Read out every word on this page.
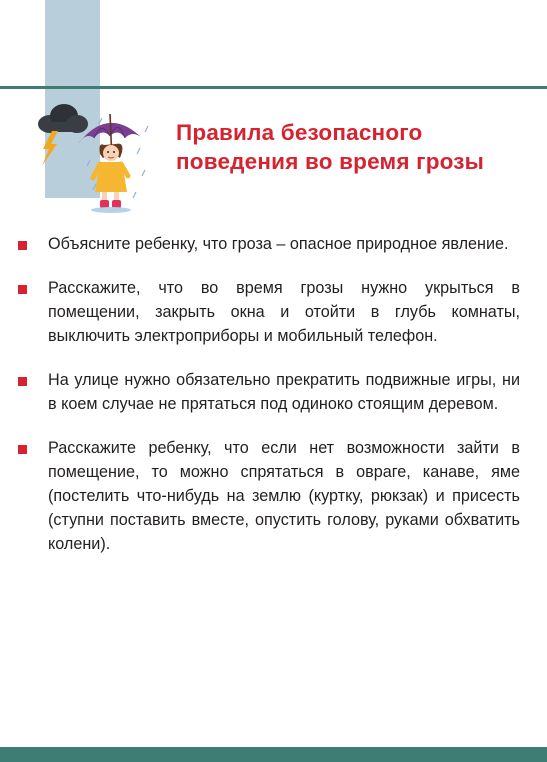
Правила безопасного
поведения во время грозы
Объясните ребенку, что гроза – опасное природное явление.
Расскажите, что во время грозы нужно укрыться в помещении, закрыть окна и отойти в глубь комнаты, выключить электроприборы и мобильный телефон.
На улице нужно обязательно прекратить подвижные игры, ни в коем случае не прятаться под одиноко стоящим деревом.
Расскажите ребенку, что если нет возможности зайти в помещение, то можно спрятаться в овраге, канаве, яме (постелить что-нибудь на землю (куртку, рюкзак) и присесть (ступни поставить вместе, опустить голову, руками обхватить колени).
